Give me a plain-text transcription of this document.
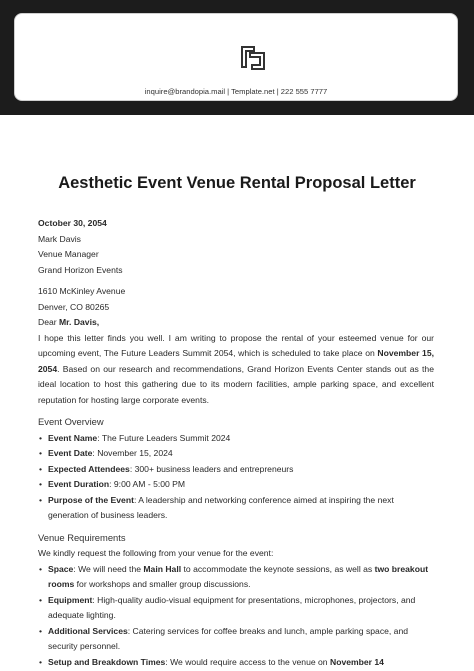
inquire@brandopia.mail | Template.net | 222 555 7777
Aesthetic Event Venue Rental Proposal Letter

October 30, 2054

Mark Davis

Venue Manager

Grand Horizon Events

1610 McKinley Avenue

Denver, CO 80265

Dear Mr. Davis,

I hope this letter finds you well. I am writing to propose the rental of your esteemed venue for our upcoming event, The Future Leaders Summit 2054, which is scheduled to take place on November 15, 2054. Based on our research and recommendations, Grand Horizon Events Center stands out as the ideal location to host this gathering due to its modern facilities, ample parking space, and excellent reputation for hosting large corporate events.

Event Overview
• Event Name: The Future Leaders Summit 2024
• Event Date: November 15, 2024
• Expected Attendees: 300+ business leaders and entrepreneurs
• Event Duration: 9:00 AM - 5:00 PM
• Purpose of the Event: A leadership and networking conference aimed at inspiring the next generation of business leaders.
Venue Requirements

We kindly request the following from your venue for the event:

• Space: We will need the Main Hall to accommodate the keynote sessions, as well as two breakout rooms for workshops and smaller group discussions.
• Equipment: High-quality audio-visual equipment for presentations, microphones, projectors, and adequate lighting.
• Additional Services: Catering services for coffee breaks and lunch, ample parking space, and security personnel.
• Setup and Breakdown Times: We would require access to the venue on November 14
